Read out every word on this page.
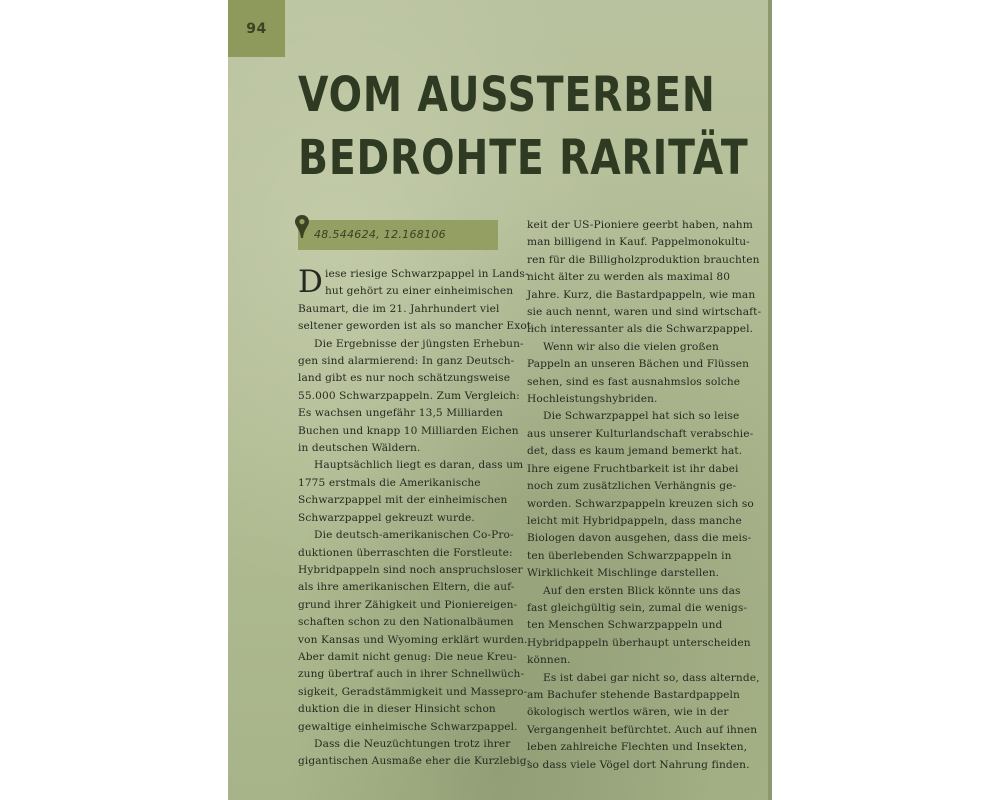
94
VOM AUSSTERBEN
BEDROHTE RARITÄT
48.544624, 12.168106
D iese riesige Schwarzpappel in Lands-
hut gehört zu einer einheimischen
Baumart, die im 21. Jahrhundert viel
seltener geworden ist als so mancher Exot.
Die Ergebnisse der jüngsten Erhebun-
gen sind alarmierend: In ganz Deutsch-
land gibt es nur noch schätzungsweise
55.000 Schwarzpappeln. Zum Vergleich:
Es wachsen ungefähr 13,5 Milliarden
Buchen und knapp 10 Milliarden Eichen
in deutschen Wäldern.
Hauptsächlich liegt es daran, dass um
1775 erstmals die Amerikanische
Schwarzpappel mit der einheimischen
Schwarzpappel gekreuzt wurde.
Die deutsch-amerikanischen Co-Pro-
duktionen überraschten die Forstleute:
Hybridpappeln sind noch anspruchsloser
als ihre amerikanischen Eltern, die auf-
grund ihrer Zähigkeit und Pioniereigen-
schaften schon zu den Nationalbäumen
von Kansas und Wyoming erklärt wurden.
Aber damit nicht genug: Die neue Kreu-
zung übertraf auch in ihrer Schnellwüch-
sigkeit, Geradstämmigkeit und Massepro-
duktion die in dieser Hinsicht schon
gewaltige einheimische Schwarzpappel.
Dass die Neuzüchtungen trotz ihrer
gigantischen Ausmaße eher die Kurzlebig-
keit der US-Pioniere geerbt haben, nahm
man billigend in Kauf. Pappelmonokultu-
ren für die Billigholzproduktion brauchten
nicht älter zu werden als maximal 80
Jahre. Kurz, die Bastardpappeln, wie man
sie auch nennt, waren und sind wirtschaft-
lich interessanter als die Schwarzpappel.
Wenn wir also die vielen großen
Pappeln an unseren Bächen und Flüssen
sehen, sind es fast ausnahmslos solche
Hochleistungshybriden.
Die Schwarzpappel hat sich so leise
aus unserer Kulturlandschaft verabschie-
det, dass es kaum jemand bemerkt hat.
Ihre eigene Fruchtbarkeit ist ihr dabei
noch zum zusätzlichen Verhängnis ge-
worden. Schwarzpappeln kreuzen sich so
leicht mit Hybridpappeln, dass manche
Biologen davon ausgehen, dass die meis-
ten überlebenden Schwarzpappeln in
Wirklichkeit Mischlinge darstellen.
Auf den ersten Blick könnte uns das
fast gleichgültig sein, zumal die wenigs-
ten Menschen Schwarzpappeln und
Hybridpappeln überhaupt unterscheiden
können.
Es ist dabei gar nicht so, dass alternde,
am Bachufer stehende Bastardpappeln
ökologisch wertlos wären, wie in der
Vergangenheit befürchtet. Auch auf ihnen
leben zahlreiche Flechten und Insekten,
so dass viele Vögel dort Nahrung finden.
